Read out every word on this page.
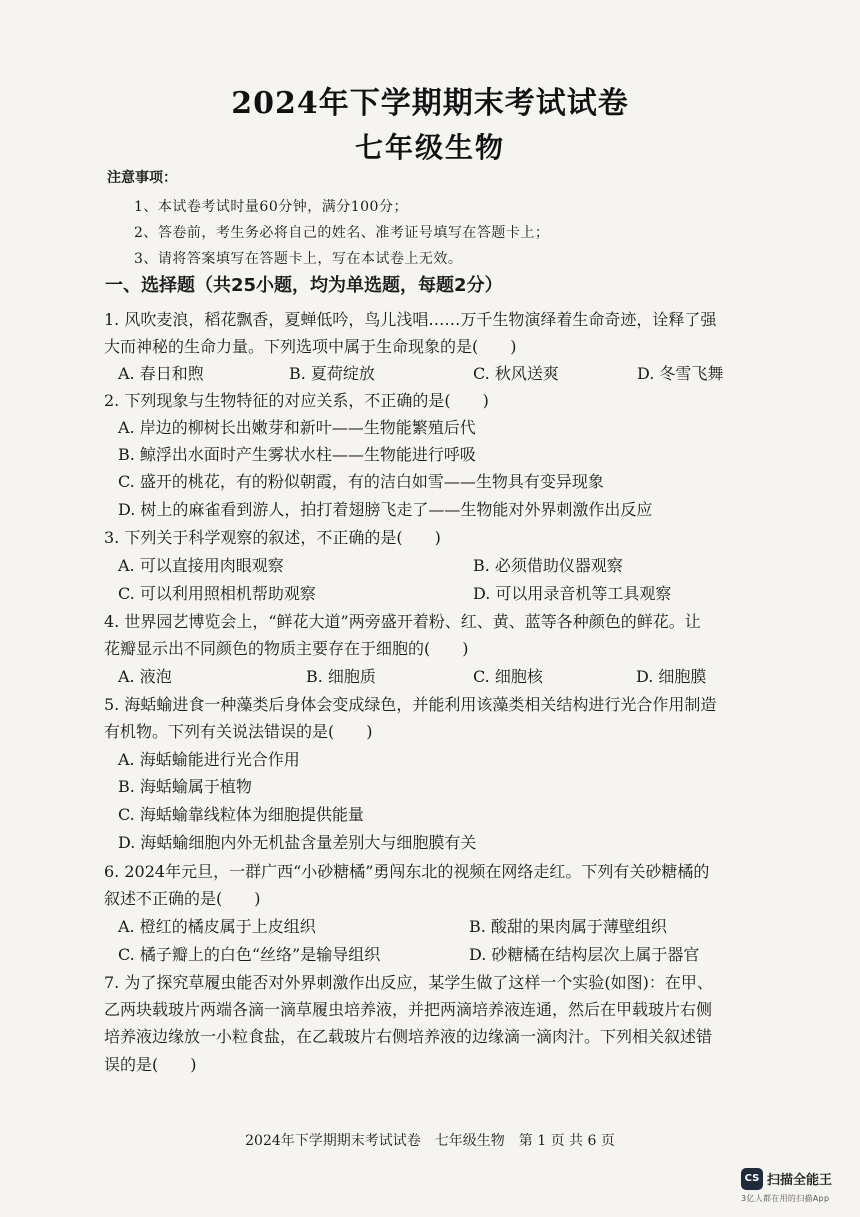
2024年下学期期末考试试卷
七年级生物
注意事项：
1、本试卷考试时量60分钟，满分100分；
2、答卷前，考生务必将自己的姓名、准考证号填写在答题卡上；
3、请将答案填写在答题卡上，写在本试卷上无效。
一、选择题（共25小题，均为单选题，每题2分）
1. 风吹麦浪，稻花飘香，夏蝉低吟，鸟儿浅唱……万千生物演绎着生命奇迹，诠释了强
大而神秘的生命力量。下列选项中属于生命现象的是(　　)
A. 春日和煦	B. 夏荷绽放	C. 秋风送爽	D. 冬雪飞舞
2. 下列现象与生物特征的对应关系，不正确的是(　　)
A. 岸边的柳树长出嫩芽和新叶——生物能繁殖后代
B. 鲸浮出水面时产生雾状水柱——生物能进行呼吸
C. 盛开的桃花，有的粉似朝霞，有的洁白如雪——生物具有变异现象
D. 树上的麻雀看到游人，拍打着翅膀飞走了——生物能对外界刺激作出反应
3. 下列关于科学观察的叙述，不正确的是(　　)
A. 可以直接用肉眼观察	B. 必须借助仪器观察
C. 可以利用照相机帮助观察	D. 可以用录音机等工具观察
4. 世界园艺博览会上，“鲜花大道”两旁盛开着粉、红、黄、蓝等各种颜色的鲜花。让
花瓣显示出不同颜色的物质主要存在于细胞的(　　)
A. 液泡	B. 细胞质	C. 细胞核	D. 细胞膜
5. 海蛞蝓进食一种藻类后身体会变成绿色，并能利用该藻类相关结构进行光合作用制造
有机物。下列有关说法错误的是(　　)
A. 海蛞蝓能进行光合作用
B. 海蛞蝓属于植物
C. 海蛞蝓靠线粒体为细胞提供能量
D. 海蛞蝓细胞内外无机盐含量差别大与细胞膜有关
6. 2024年元旦，一群广西“小砂糖橘”勇闯东北的视频在网络走红。下列有关砂糖橘的
叙述不正确的是(　　)
A. 橙红的橘皮属于上皮组织	B. 酸甜的果肉属于薄壁组织
C. 橘子瓣上的白色“丝络”是输导组织	D. 砂糖橘在结构层次上属于器官
7. 为了探究草履虫能否对外界刺激作出反应，某学生做了这样一个实验(如图)：在甲、
乙两块载玻片两端各滴一滴草履虫培养液，并把两滴培养液连通，然后在甲载玻片右侧
培养液边缘放一小粒食盐，在乙载玻片右侧培养液的边缘滴一滴肉汁。下列相关叙述错
误的是(　　)
2024年下学期期末考试试卷　七年级生物　第 1 页 共 6 页
CS 扫描全能王
3亿人都在用的扫描App
